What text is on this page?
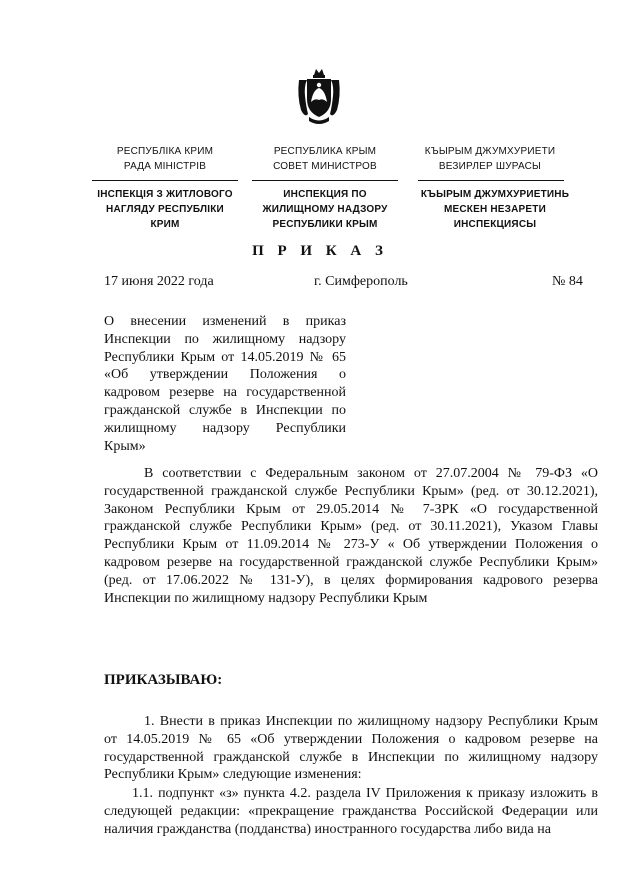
РЕСПУБЛІКА КРИМ
РАДА МІНІСТРІВ
ІНСПЕКЦІЯ З ЖИТЛОВОГО
НАГЛЯДУ РЕСПУБЛІКИ
КРИМ
РЕСПУБЛИКА КРЫМ
СОВЕТ МИНИСТРОВ
ИНСПЕКЦИЯ ПО
ЖИЛИЩНОМУ НАДЗОРУ
РЕСПУБЛИКИ КРЫМ
КЪЫРЫМ ДЖУМХУРИЕТИ
ВЕЗИРЛЕР ШУРАСЫ
КЪЫРЫМ ДЖУМХУРИЕТИНЬ
МЕСКЕН НЕЗАРЕТИ
ИНСПЕКЦИЯСЫ
П Р И К А З
17 июня 2022 года	г. Симферополь	№ 84
О внесении изменений в приказ Инспекции по жилищному надзору Республики Крым от 14.05.2019 № 65 «Об утверждении Положения о кадровом резерве на государственной гражданской службе в Инспекции по жилищному надзору Республики Крым»
В соответствии с Федеральным законом от 27.07.2004 № 79-ФЗ «О государственной гражданской службе Республики Крым» (ред. от 30.12.2021), Законом Республики Крым от 29.05.2014 № 7-ЗРК «О государственной гражданской службе Республики Крым» (ред. от 30.11.2021), Указом Главы Республики Крым от 11.09.2014 № 273-У « Об утверждении Положения о кадровом резерве на государственной гражданской службе Республики Крым» (ред. от 17.06.2022 № 131-У), в целях формирования кадрового резерва Инспекции по жилищному надзору Республики Крым
ПРИКАЗЫВАЮ:
1. Внести в приказ Инспекции по жилищному надзору Республики Крым от 14.05.2019 № 65 «Об утверждении Положения о кадровом резерве на государственной гражданской службе в Инспекции по жилищному надзору Республики Крым» следующие изменения:
1.1. подпункт «з» пункта 4.2. раздела IV Приложения к приказу изложить в следующей редакции: «прекращение гражданства Российской Федерации или наличия гражданства (подданства) иностранного государства либо вида на
